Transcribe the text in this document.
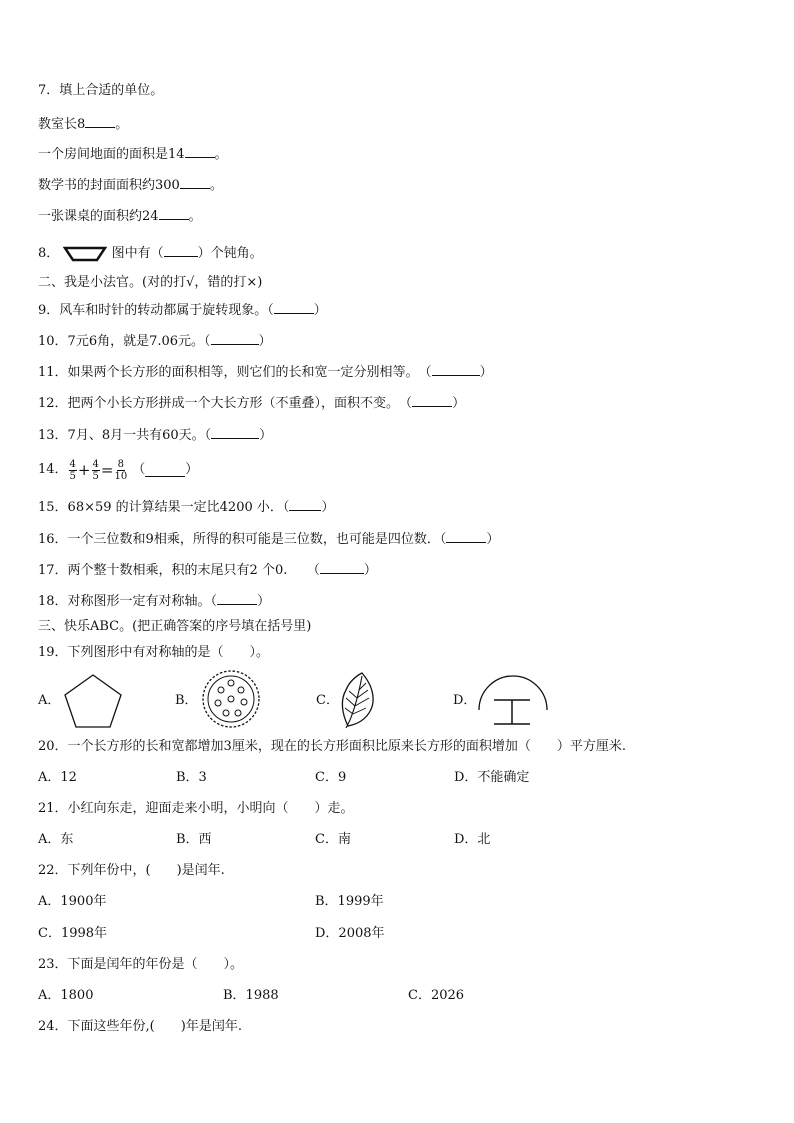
7．填上合适的单位。
教室长8 。
一个房间地面的面积是14 。
数学书的封面面积约300 。
一张课桌的面积约24 。
8．	图中有（	）个钝角。
二、我是小法官。(对的打√，错的打×)
9．风车和时针的转动都属于旋转现象。（	）
10．7元6角，就是7.06元。（	）
11．如果两个长方形的面积相等，则它们的长和宽一定分别相等。　（	）
12．把两个小长方形拼成一个大长方形（不重叠），面积不变。　（	）
13．7月、8月一共有60天。（	）
14． $\frac{4}{5} + \frac{4}{5} = \frac{8}{10}$ （	）
15．68×59 的计算结果一定比4200 小．（ ）
16．一个三位数和9相乘，所得的积可能是三位数，也可能是四位数．（	）
17．两个整十数相乘，积的末尾只有2 个0.　　（	）
18．对称图形一定有对称轴。（	）
三、快乐ABC。(把正确答案的序号填在括号里)
19．下列图形中有对称轴的是（　　）。
A．	B．	C．	D．
20．一个长方形的长和宽都增加3厘米，现在的长方形面积比原来长方形的面积增加（　　）平方厘米.
A．12	B．3	C．9	D．不能确定
21．小红向东走，迎面走来小明，小明向（　　）走。
A．东	B．西	C．南	D．北
22．下列年份中，(　　)是闰年.
A．1900年	B．1999年
C．1998年	D．2008年
23．下面是闰年的年份是（　　）。
A．1800	B．1988	C．2026
24．下面这些年份,(　　)年是闰年.
